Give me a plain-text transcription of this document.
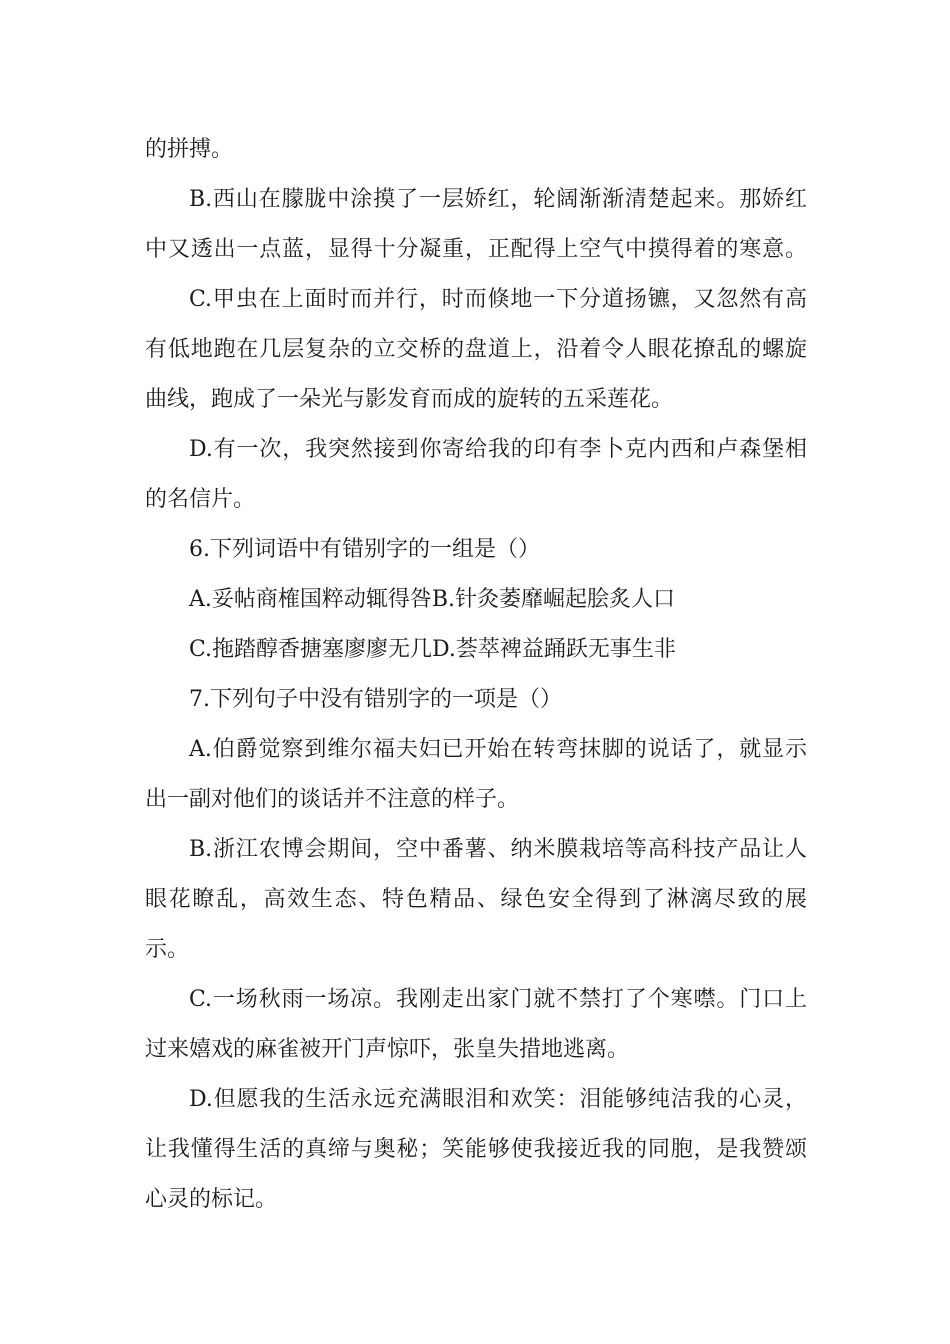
的拼搏。
B.西山在朦胧中涂摸了一层娇红，轮阔渐渐清楚起来。那娇红
中又透出一点蓝，显得十分凝重，正配得上空气中摸得着的寒意。
C.甲虫在上面时而并行，时而倏地一下分道扬镳，又忽然有高
有低地跑在几层复杂的立交桥的盘道上，沿着令人眼花撩乱的螺旋
曲线，跑成了一朵光与影发育而成的旋转的五采莲花。
D.有一次，我突然接到你寄给我的印有李卜克内西和卢森堡相
的名信片。
6.下列词语中有错别字的一组是（）
A.妥帖商榷国粹动辄得咎B.针灸萎靡崛起脍炙人口
C.拖踏醇香搪塞廖廖无几D.荟萃裨益踊跃无事生非
7.下列句子中没有错别字的一项是（）
A.伯爵觉察到维尔福夫妇已开始在转弯抹脚的说话了，就显示
出一副对他们的谈话并不注意的样子。
B.浙江农博会期间，空中番薯、纳米膜栽培等高科技产品让人
眼花瞭乱，高效生态、特色精品、绿色安全得到了淋漓尽致的展
示。
C.一场秋雨一场凉。我刚走出家门就不禁打了个寒噤。门口上
过来嬉戏的麻雀被开门声惊吓，张皇失措地逃离。
D.但愿我的生活永远充满眼泪和欢笑：泪能够纯洁我的心灵，
让我懂得生活的真缔与奥秘；笑能够使我接近我的同胞，是我赞颂
心灵的标记。
